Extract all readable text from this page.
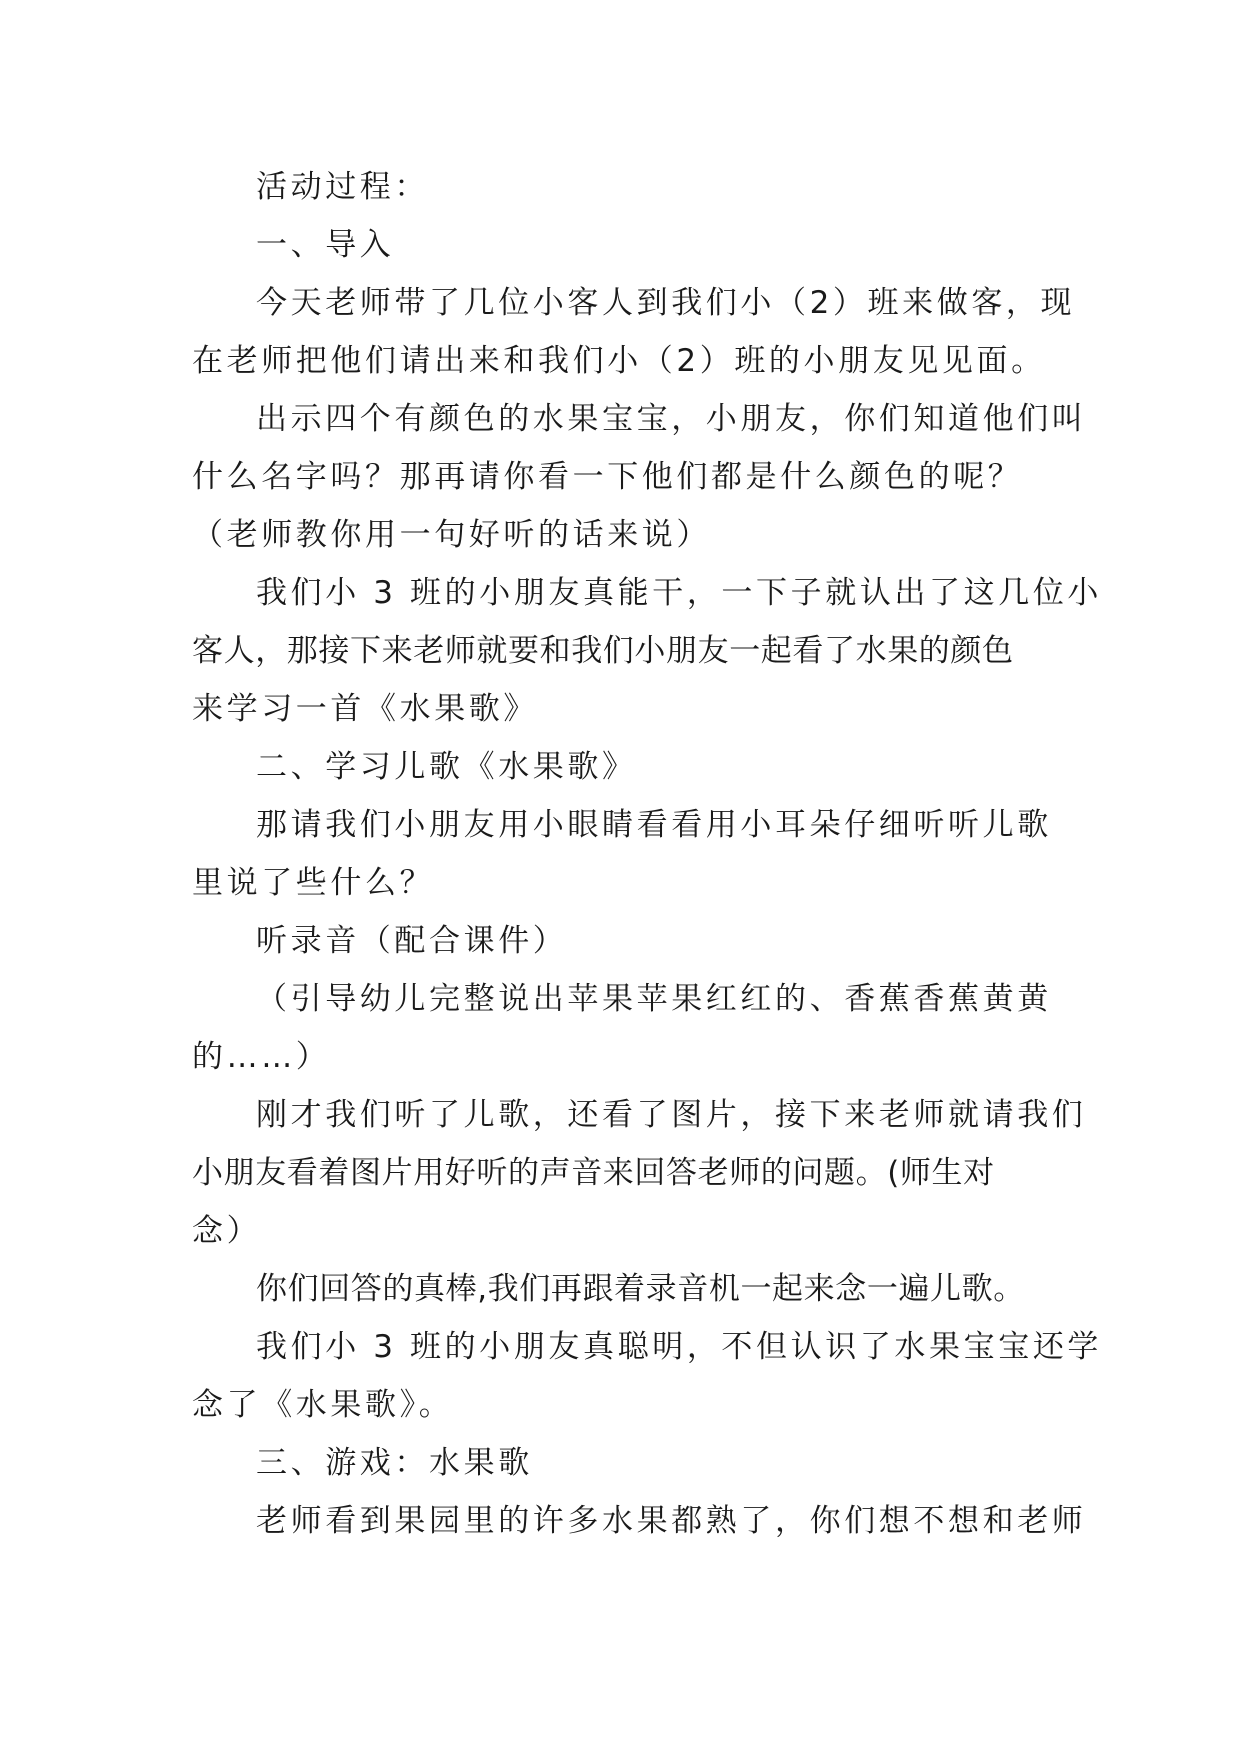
活动过程：
一、导入
今天老师带了几位小客人到我们小（2）班来做客，现
在老师把他们请出来和我们小（2）班的小朋友见见面。
出示四个有颜色的水果宝宝，小朋友，你们知道他们叫
什么名字吗？那再请你看一下他们都是什么颜色的呢？
（老师教你用一句好听的话来说）
我们小 3 班的小朋友真能干，一下子就认出了这几位小
客人，那接下来老师就要和我们小朋友一起看了水果的颜色
来学习一首《水果歌》
二、学习儿歌《水果歌》
那请我们小朋友用小眼睛看看用小耳朵仔细听听儿歌
里说了些什么？
听录音（配合课件）
（引导幼儿完整说出苹果苹果红红的、香蕉香蕉黄黄
的……）
刚才我们听了儿歌，还看了图片，接下来老师就请我们
小朋友看着图片用好听的声音来回答老师的问题。(师生对
念）
你们回答的真棒,我们再跟着录音机一起来念一遍儿歌。
我们小 3 班的小朋友真聪明，不但认识了水果宝宝还学
念了《水果歌》。
三、游戏：水果歌
老师看到果园里的许多水果都熟了，你们想不想和老师
